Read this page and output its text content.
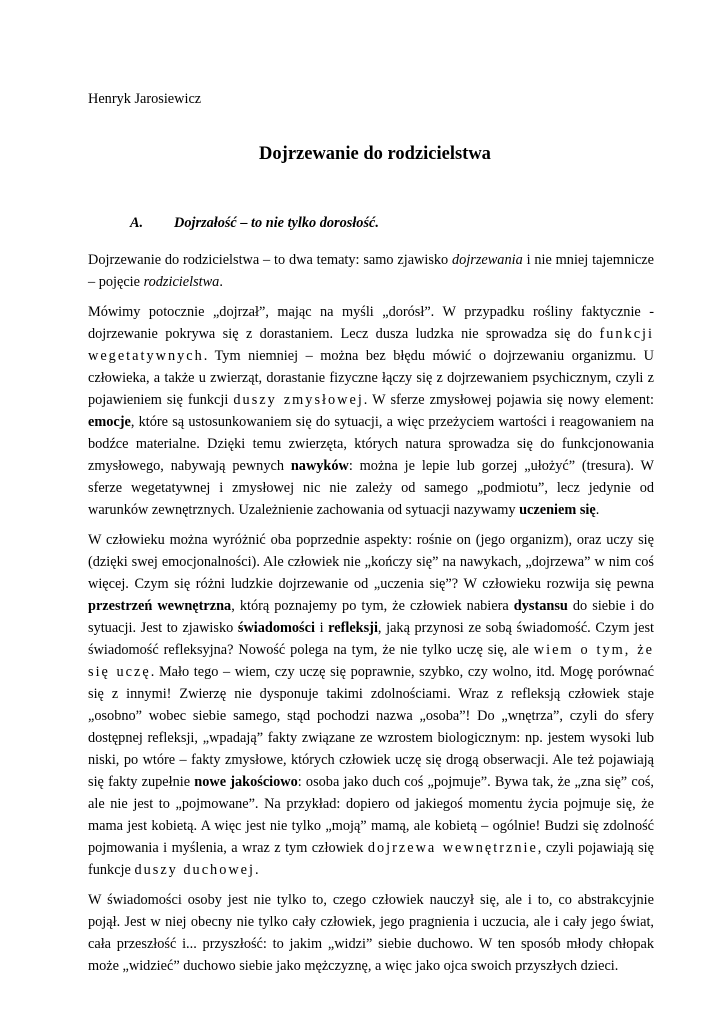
Henryk Jarosiewicz
Dojrzewanie do rodzicielstwa
A. Dojrzałość – to nie tylko dorosłość.

Dojrzewanie do rodzicielstwa – to dwa tematy: samo zjawisko dojrzewania i nie mniej tajemnicze – pojęcie rodzicielstwa.

Mówimy potocznie „dojrzał”, mając na myśli „dorósł”. W przypadku rośliny faktycznie - dojrzewanie pokrywa się z dorastaniem. Lecz dusza ludzka nie sprowadza się do funkcji wegetatywnych. Tym niemniej – można bez błędu mówić o dojrzewaniu organizmu. U człowieka, a także u zwierząt, dorastanie fizyczne łączy się z dojrzewaniem psychicznym, czyli z pojawieniem się funkcji duszy zmysłowej. W sferze zmysłowej pojawia się nowy element: emocje, które są ustosunkowaniem się do sytuacji, a więc przeżyciem wartości i reagowaniem na bodźce materialne. Dzięki temu zwierzęta, których natura sprowadza się do funkcjonowania zmysłowego, nabywają pewnych nawyków: można je lepie lub gorzej „ułożyć” (tresura). W sferze wegetatywnej i zmysłowej nic nie zależy od samego „podmiotu”, lecz jedynie od warunków zewnętrznych. Uzależnienie zachowania od sytuacji nazywamy uczeniem się.

W człowieku można wyróżnić oba poprzednie aspekty: rośnie on (jego organizm), oraz uczy się (dzięki swej emocjonalności). Ale człowiek nie „kończy się” na nawykach, „dojrzewa” w nim coś więcej. Czym się różni ludzkie dojrzewanie od „uczenia się”? W człowieku rozwija się pewna przestrzeń wewnętrzna, którą poznajemy po tym, że człowiek nabiera dystansu do siebie i do sytuacji. Jest to zjawisko świadomości i refleksji, jaką przynosi ze sobą świadomość. Czym jest świadomość refleksyjna? Nowość polega na tym, że nie tylko uczę się, ale wiem o tym, że się uczę. Mało tego – wiem, czy uczę się poprawnie, szybko, czy wolno, itd. Mogę porównać się z innymi! Zwierzę nie dysponuje takimi zdolnościami. Wraz z refleksją człowiek staje „osobno” wobec siebie samego, stąd pochodzi nazwa „osoba”! Do „wnętrza”, czyli do sfery dostępnej refleksji, „wpadają” fakty związane ze wzrostem biologicznym: np. jestem wysoki lub niski, po wtóre – fakty zmysłowe, których człowiek uczę się drogą obserwacji. Ale też pojawiają się fakty zupełnie nowe jakościowo: osoba jako duch coś „pojmuje”. Bywa tak, że „zna się” coś, ale nie jest to „pojmowane”. Na przykład: dopiero od jakiegoś momentu życia pojmuje się, że mama jest kobietą. A więc jest nie tylko „moją” mamą, ale kobietą – ogólnie! Budzi się zdolność pojmowania i myślenia, a wraz z tym człowiek dojrzewa wewnętrznie, czyli pojawiają się funkcje duszy duchowej.

W świadomości osoby jest nie tylko to, czego człowiek nauczył się, ale i to, co abstrakcyjnie pojął. Jest w niej obecny nie tylko cały człowiek, jego pragnienia i uczucia, ale i cały jego świat, cała przeszłość i... przyszłość: to jakim „widzi” siebie duchowo. W ten sposób młody chłopak może „widzieć” duchowo siebie jako mężczyznę, a więc jako ojca swoich przyszłych dzieci.
